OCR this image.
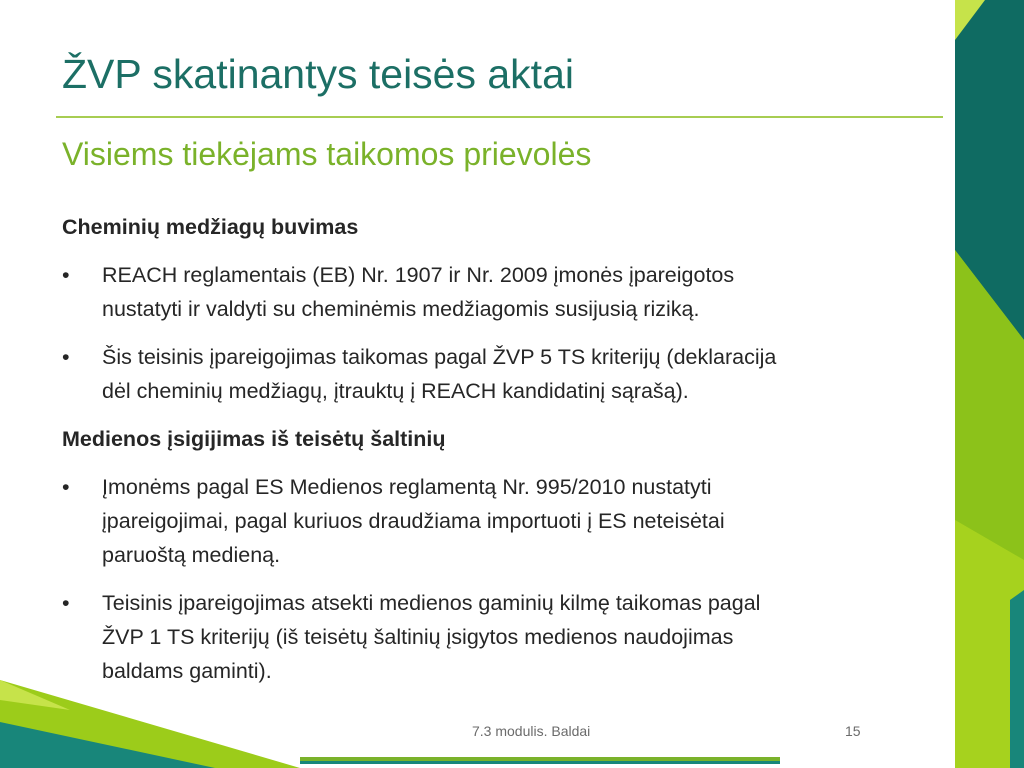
ŽVP skatinantys teisės aktai
Visiems tiekėjams taikomos prievolės

Cheminių medžiagų buvimas

•	REACH reglamentais (EB) Nr. 1907 ir Nr. 2009 įmonės įpareigotos
nustatyti ir valdyti su cheminėmis medžiagomis susijusią riziką.
•	Šis teisinis įpareigojimas taikomas pagal ŽVP 5 TS kriterijų (deklaracija
dėl cheminių medžiagų, įtrauktų į REACH kandidatinį sąrašą).

Medienos įsigijimas iš teisėtų šaltinių

•	Įmonėms pagal ES Medienos reglamentą Nr. 995/2010 nustatyti
įpareigojimai, pagal kuriuos draudžiama importuoti į ES neteisėtai
paruoštą medieną.
•	Teisinis įpareigojimas atsekti medienos gaminių kilmę taikomas pagal
ŽVP 1 TS kriterijų (iš teisėtų šaltinių įsigytos medienos naudojimas
baldams gaminti).
7.3 modulis. Baldai	15
